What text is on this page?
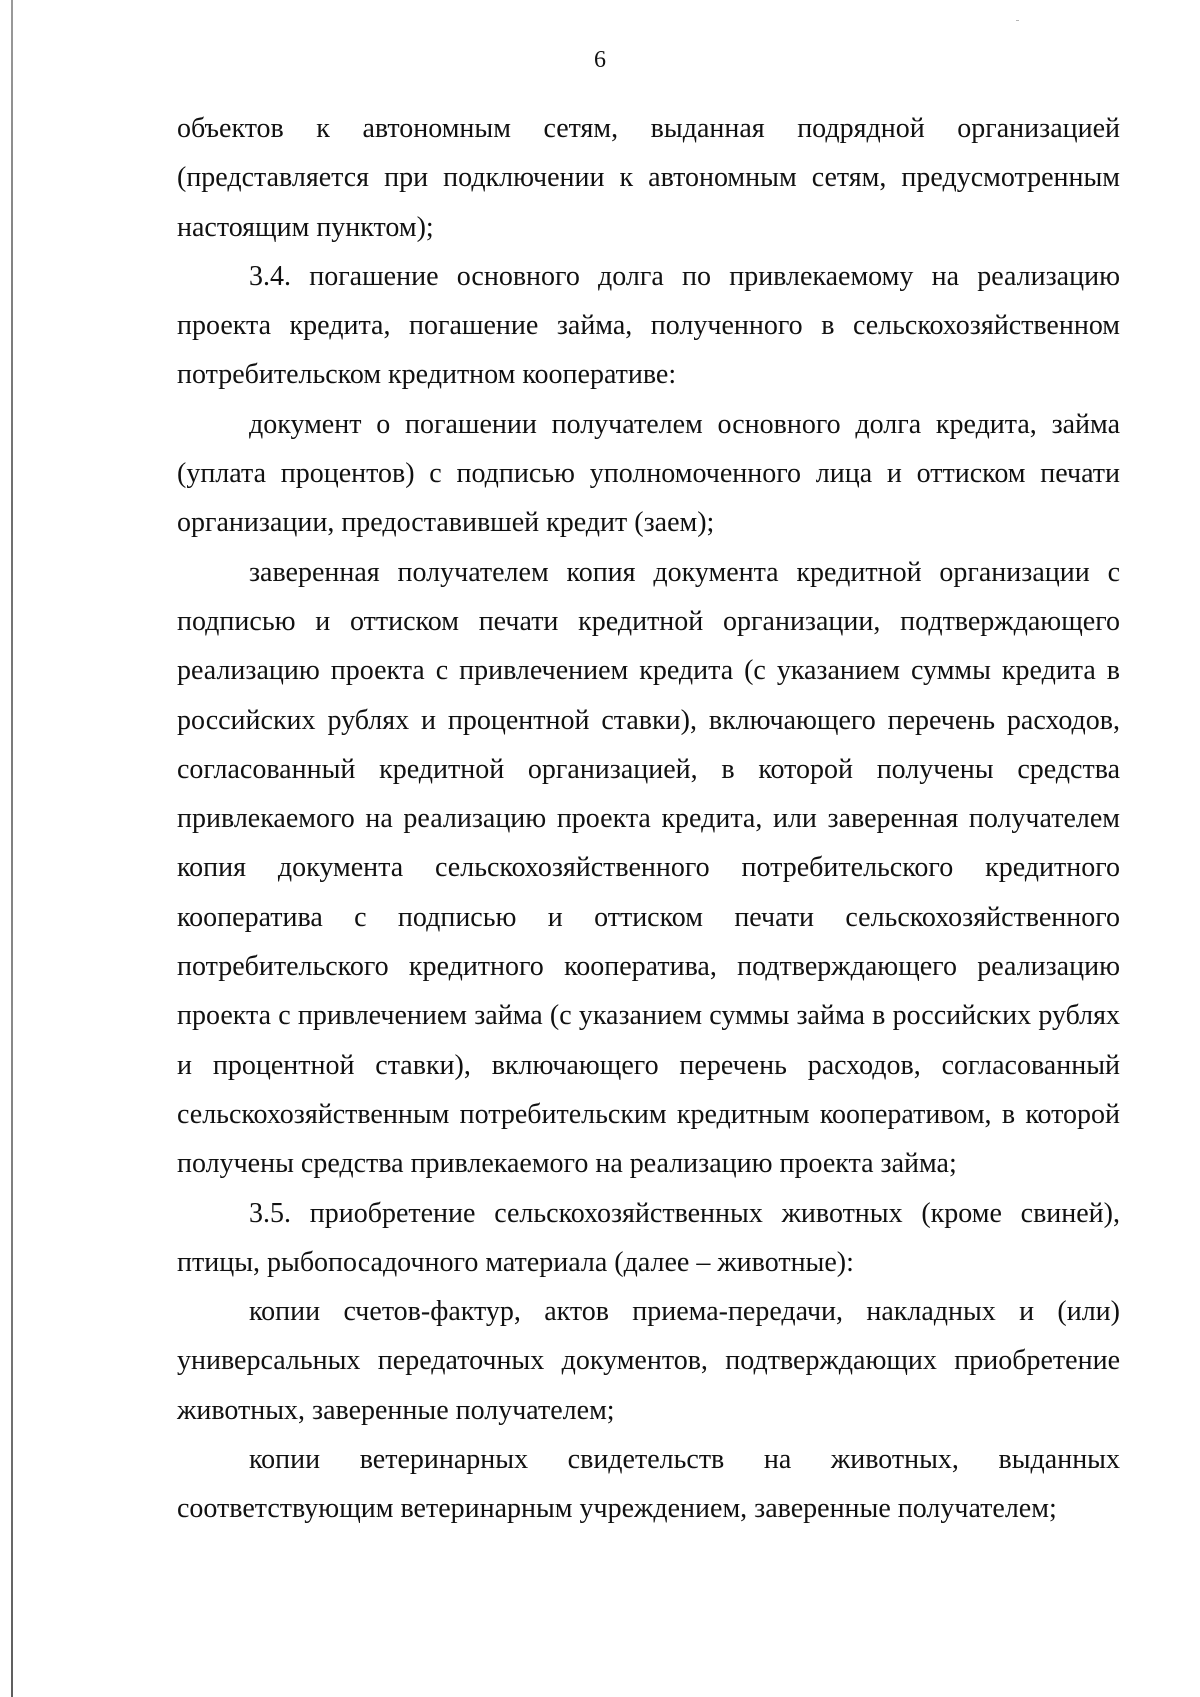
6

объектов к автономным сетям, выданная подрядной организацией (представляется при подключении к автономным сетям, предусмотренным настоящим пунктом);

3.4. погашение основного долга по привлекаемому на реализацию проекта кредита, погашение займа, полученного в сельскохозяйственном потребительском кредитном кооперативе:

документ о погашении получателем основного долга кредита, займа (уплата процентов) с подписью уполномоченного лица и оттиском печати организации, предоставившей кредит (заем);

заверенная получателем копия документа кредитной организации с подписью и оттиском печати кредитной организации, подтверждающего реализацию проекта с привлечением кредита (с указанием суммы кредита в российских рублях и процентной ставки), включающего перечень расходов, согласованный кредитной организацией, в которой получены средства привлекаемого на реализацию проекта кредита, или заверенная получателем копия документа сельскохозяйственного потребительского кредитного кооператива с подписью и оттиском печати сельскохозяйственного потребительского кредитного кооператива, подтверждающего реализацию проекта с привлечением займа (с указанием суммы займа в российских рублях и процентной ставки), включающего перечень расходов, согласованный сельскохозяйственным потребительским кредитным кооперативом, в которой получены средства привлекаемого на реализацию проекта займа;

3.5. приобретение сельскохозяйственных животных (кроме свиней), птицы, рыбопосадочного материала (далее – животные):

копии счетов-фактур, актов приема-передачи, накладных и (или) универсальных передаточных документов, подтверждающих приобретение животных, заверенные получателем;

копии ветеринарных свидетельств на животных, выданных соответствующим ветеринарным учреждением, заверенные получателем;
